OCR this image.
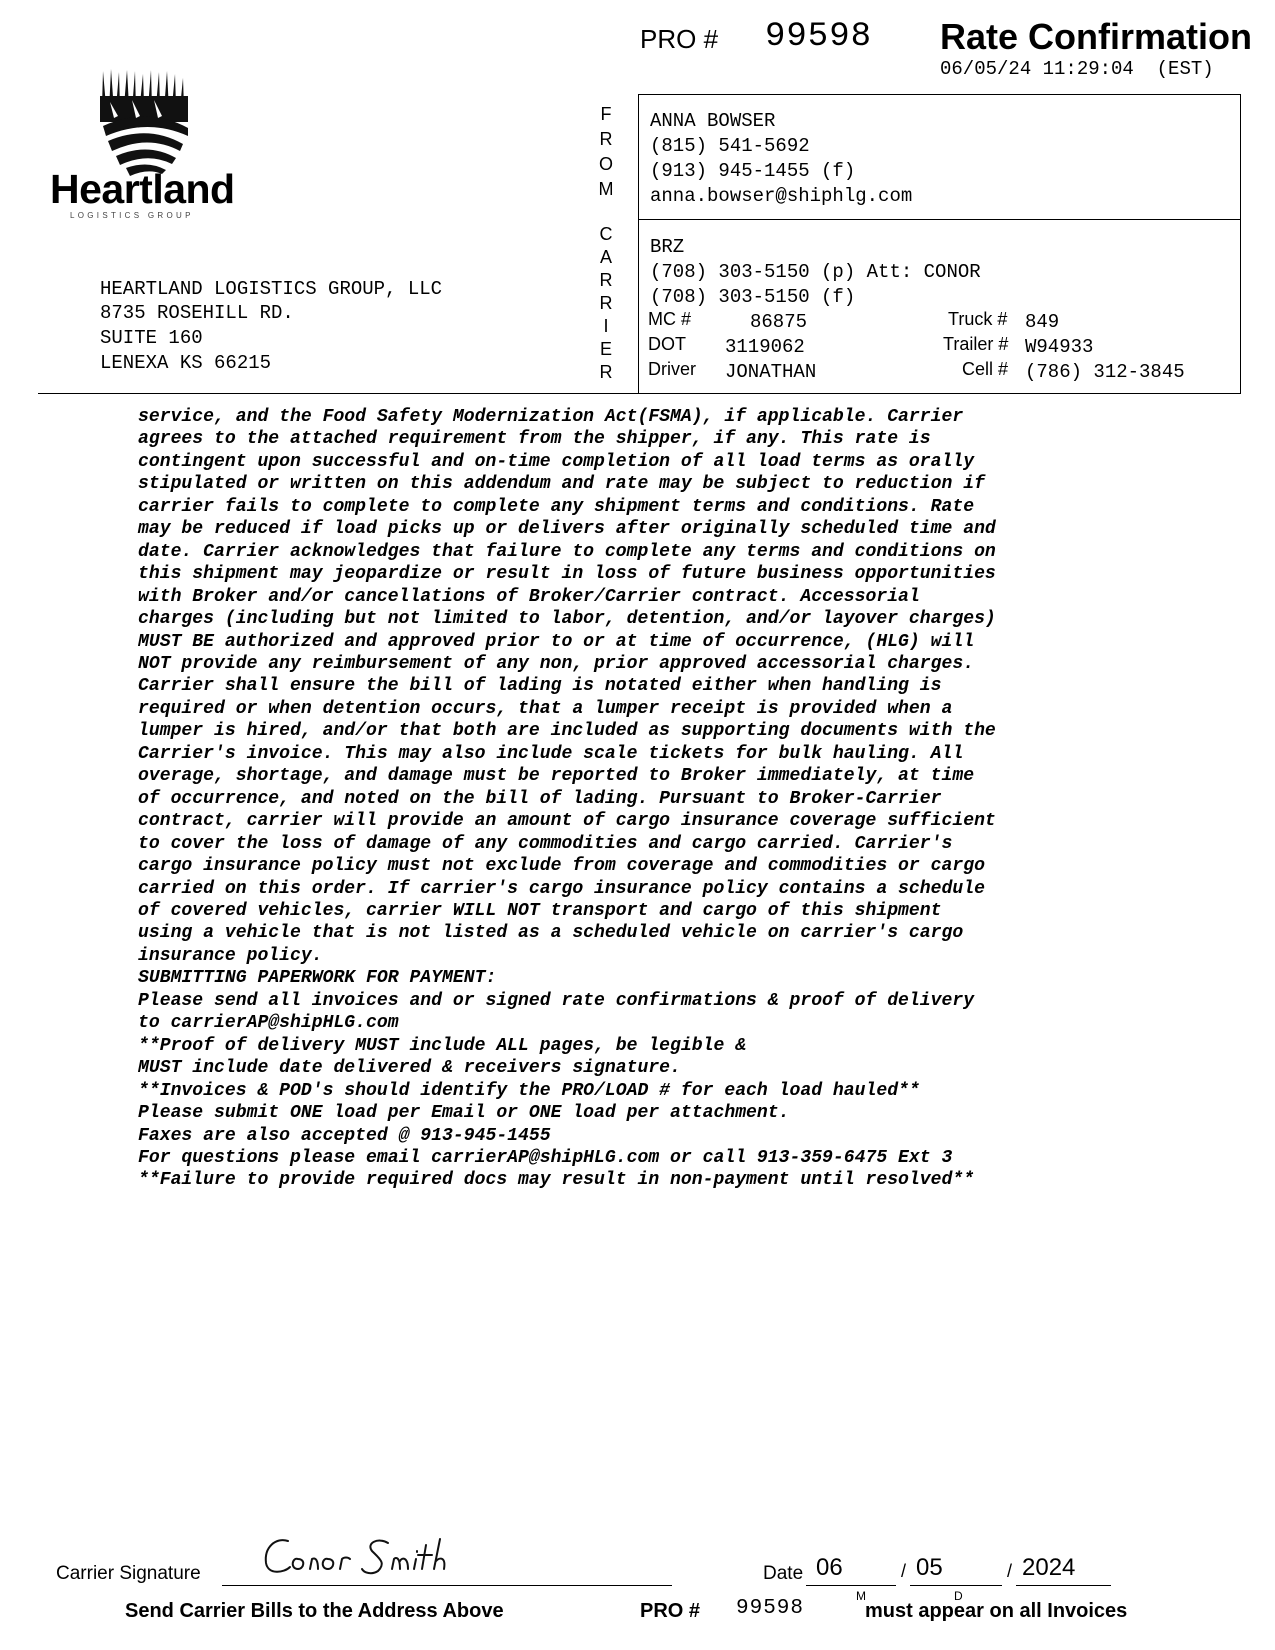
PRO # 99598 Rate Confirmation
06/05/24 11:29:04  (EST)
Heartland
LOGISTICS GROUP
HEARTLAND LOGISTICS GROUP, LLC
8735 ROSEHILL RD.
SUITE 160
LENEXA KS 66215
F
R
O
M
C
A
R
R
I
E
R
ANNA BOWSER
(815) 541-5692
(913) 945-1455 (f)
anna.bowser@shiphlg.com
BRZ
(708) 303-5150 (p) Att: CONOR
(708) 303-5150 (f)
MC #	86875	Truck # 849
DOT 3119062	Trailer # W94933
Driver JONATHAN	Cell # (786) 312-3845
service, and the Food Safety Modernization Act(FSMA), if applicable. Carrier
agrees to the attached requirement from the shipper, if any. This rate is
contingent upon successful and on-time completion of all load terms as orally
stipulated or written on this addendum and rate may be subject to reduction if
carrier fails to complete to complete any shipment terms and conditions. Rate
may be reduced if load picks up or delivers after originally scheduled time and
date. Carrier acknowledges that failure to complete any terms and conditions on
this shipment may jeopardize or result in loss of future business opportunities
with Broker and/or cancellations of Broker/Carrier contract. Accessorial
charges (including but not limited to labor, detention, and/or layover charges)
MUST BE authorized and approved prior to or at time of occurrence, (HLG) will
NOT provide any reimbursement of any non, prior approved accessorial charges.
Carrier shall ensure the bill of lading is notated either when handling is
required or when detention occurs, that a lumper receipt is provided when a
lumper is hired, and/or that both are included as supporting documents with the
Carrier's invoice. This may also include scale tickets for bulk hauling. All
overage, shortage, and damage must be reported to Broker immediately, at time
of occurrence, and noted on the bill of lading. Pursuant to Broker-Carrier
contract, carrier will provide an amount of cargo insurance coverage sufficient
to cover the loss of damage of any commodities and cargo carried. Carrier's
cargo insurance policy must not exclude from coverage and commodities or cargo
carried on this order. If carrier's cargo insurance policy contains a schedule
of covered vehicles, carrier WILL NOT transport and cargo of this shipment
using a vehicle that is not listed as a scheduled vehicle on carrier's cargo
insurance policy.
SUBMITTING PAPERWORK FOR PAYMENT:
Please send all invoices and or signed rate confirmations & proof of delivery
to carrierAP@shipHLG.com
**Proof of delivery MUST include ALL pages, be legible &
MUST include date delivered & receivers signature.
**Invoices & POD's should identify the PRO/LOAD # for each load hauled**
Please submit ONE load per Email or ONE load per attachment.
Faxes are also accepted @ 913-945-1455
For questions please email carrierAP@shipHLG.com or call 913-359-6475 Ext 3
**Failure to provide required docs may result in non-payment until resolved**
Carrier Signature	Date 06	/ 05	/ 2024
M	D
Send Carrier Bills to the Address Above	PRO # 99598	must appear on all Invoices
